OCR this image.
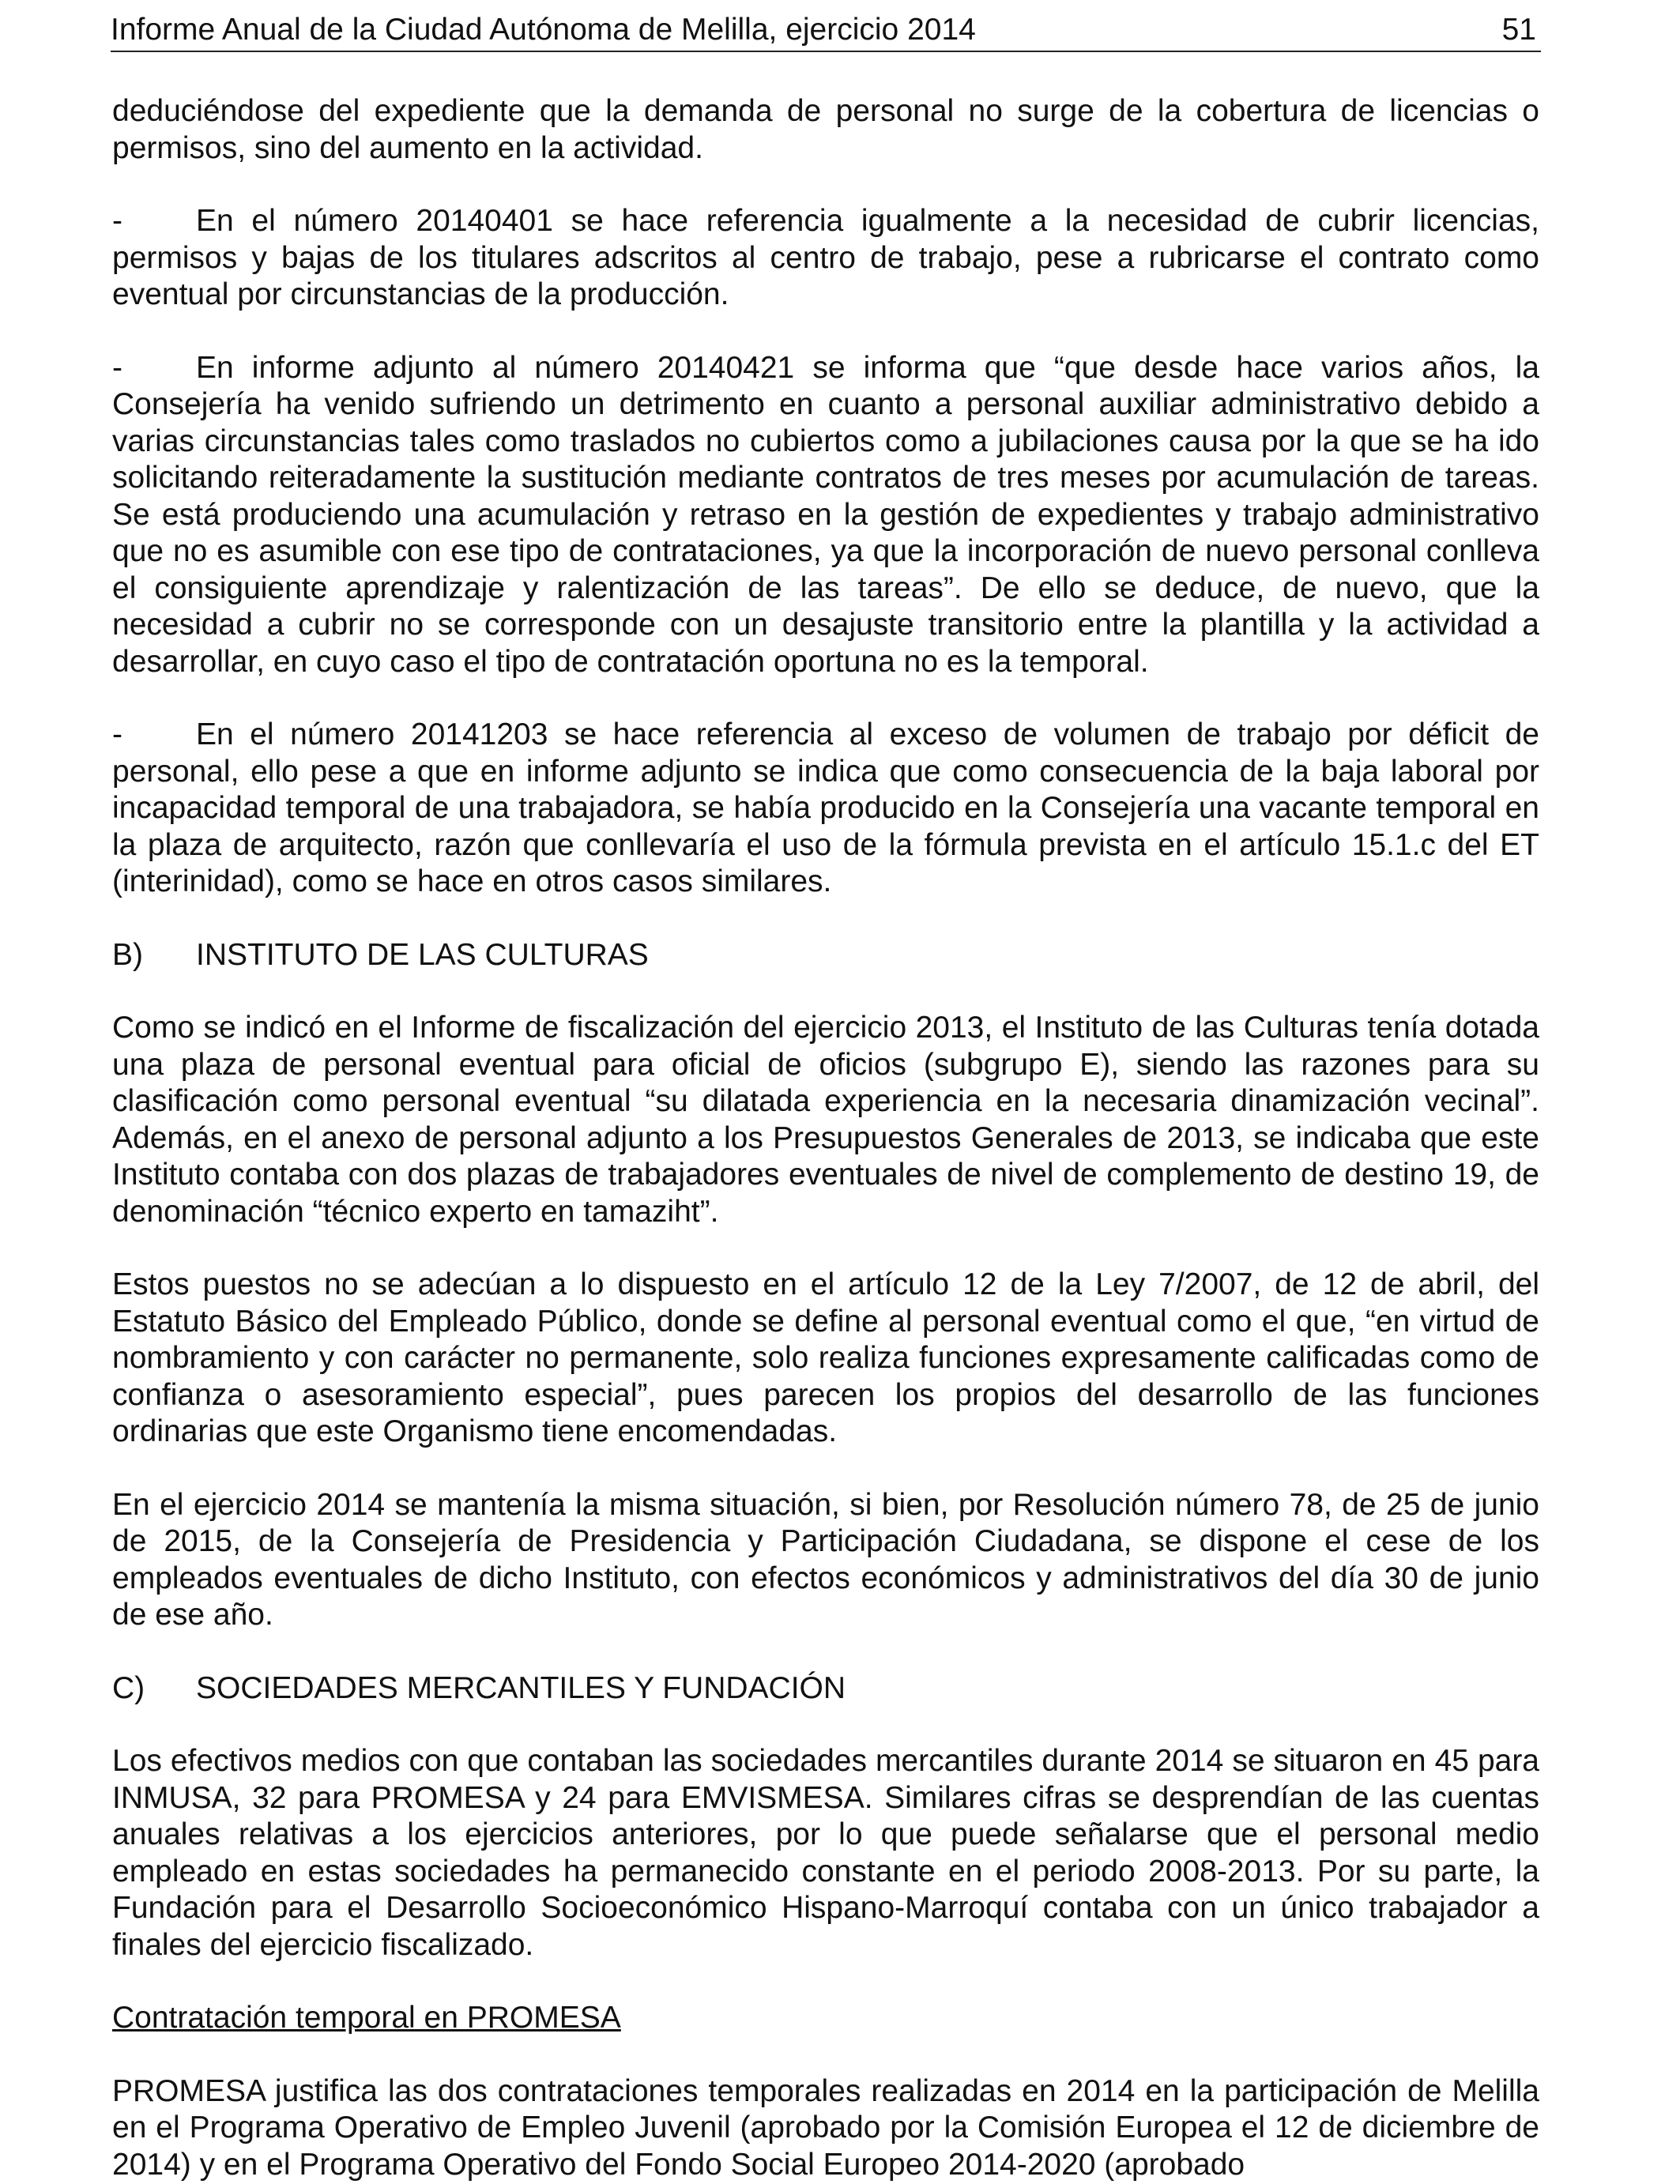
Informe Anual de la Ciudad Autónoma de Melilla, ejercicio 2014	51

deduciéndose del expediente que la demanda de personal no surge de la cobertura de licencias o permisos, sino del aumento en la actividad.

- En el número 20140401 se hace referencia igualmente a la necesidad de cubrir licencias, permisos y bajas de los titulares adscritos al centro de trabajo, pese a rubricarse el contrato como eventual por circunstancias de la producción.

- En informe adjunto al número 20140421 se informa que “que desde hace varios años, la Consejería ha venido sufriendo un detrimento en cuanto a personal auxiliar administrativo debido a varias circunstancias tales como traslados no cubiertos como a jubilaciones causa por la que se ha ido solicitando reiteradamente la sustitución mediante contratos de tres meses por acumulación de tareas. Se está produciendo una acumulación y retraso en la gestión de expedientes y trabajo administrativo que no es asumible con ese tipo de contrataciones, ya que la incorporación de nuevo personal conlleva el consiguiente aprendizaje y ralentización de las tareas”. De ello se deduce, de nuevo, que la necesidad a cubrir no se corresponde con un desajuste transitorio entre la plantilla y la actividad a desarrollar, en cuyo caso el tipo de contratación oportuna no es la temporal.

- En el número 20141203 se hace referencia al exceso de volumen de trabajo por déficit de personal, ello pese a que en informe adjunto se indica que como consecuencia de la baja laboral por incapacidad temporal de una trabajadora, se había producido en la Consejería una vacante temporal en la plaza de arquitecto, razón que conllevaría el uso de la fórmula prevista en el artículo 15.1.c del ET (interinidad), como se hace en otros casos similares.

B) INSTITUTO DE LAS CULTURAS

Como se indicó en el Informe de fiscalización del ejercicio 2013, el Instituto de las Culturas tenía dotada una plaza de personal eventual para oficial de oficios (subgrupo E), siendo las razones para su clasificación como personal eventual “su dilatada experiencia en la necesaria dinamización vecinal”. Además, en el anexo de personal adjunto a los Presupuestos Generales de 2013, se indicaba que este Instituto contaba con dos plazas de trabajadores eventuales de nivel de complemento de destino 19, de denominación “técnico experto en tamaziht”.

Estos puestos no se adecúan a lo dispuesto en el artículo 12 de la Ley 7/2007, de 12 de abril, del Estatuto Básico del Empleado Público, donde se define al personal eventual como el que, “en virtud de nombramiento y con carácter no permanente, solo realiza funciones expresamente calificadas como de confianza o asesoramiento especial”, pues parecen los propios del desarrollo de las funciones ordinarias que este Organismo tiene encomendadas.

En el ejercicio 2014 se mantenía la misma situación, si bien, por Resolución número 78, de 25 de junio de 2015, de la Consejería de Presidencia y Participación Ciudadana, se dispone el cese de los empleados eventuales de dicho Instituto, con efectos económicos y administrativos del día 30 de junio de ese año.

C) SOCIEDADES MERCANTILES Y FUNDACIÓN

Los efectivos medios con que contaban las sociedades mercantiles durante 2014 se situaron en 45 para INMUSA, 32 para PROMESA y 24 para EMVISMESA. Similares cifras se desprendían de las cuentas anuales relativas a los ejercicios anteriores, por lo que puede señalarse que el personal medio empleado en estas sociedades ha permanecido constante en el periodo 2008-2013. Por su parte, la Fundación para el Desarrollo Socioeconómico Hispano-Marroquí contaba con un único trabajador a finales del ejercicio fiscalizado.

Contratación temporal en PROMESA

PROMESA justifica las dos contrataciones temporales realizadas en 2014 en la participación de Melilla en el Programa Operativo de Empleo Juvenil (aprobado por la Comisión Europea el 12 de diciembre de 2014) y en el Programa Operativo del Fondo Social Europeo 2014-2020 (aprobado
